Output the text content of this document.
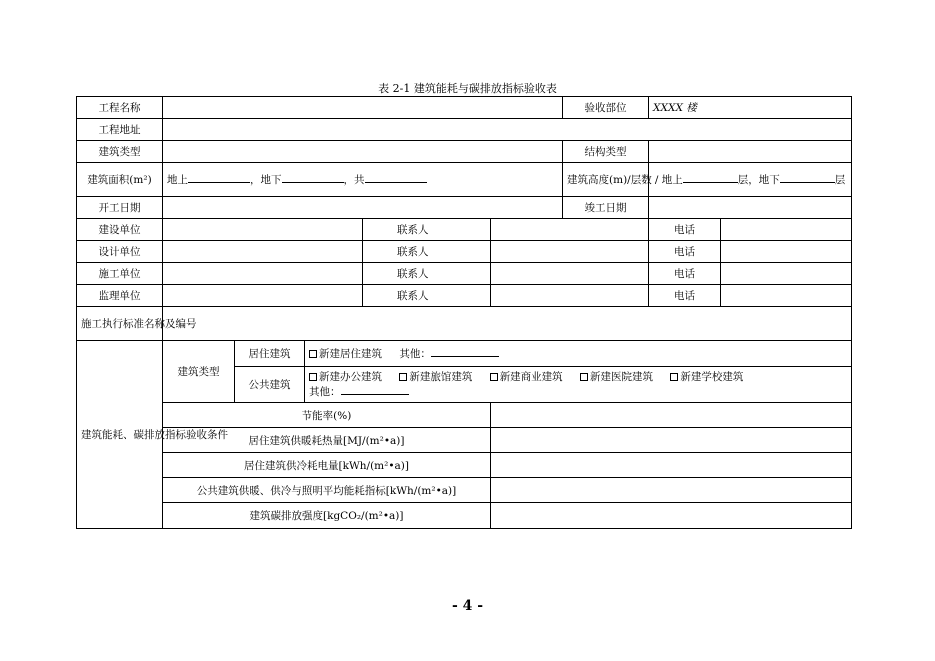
表 2-1 建筑能耗与碳排放指标验收表
工程名称						验收部位	XXXX 楼	
工程地址								
建筑类型						结构类型		
建筑面积(m²)	地上 ，地下 ，共					建筑高度(m)/层数	/ 地上 层，地下 层	
开工日期						竣工日期		
建设单位				联系人			电话	
设计单位				联系人			电话	
施工单位				联系人			电话	
监理单位				联系人			电话	
施工执行标准名称及编号								
建筑能耗、碳排放指标验收条件	建筑类型	居住建筑	新建居住建筑 其他：					
		公共建筑	新建办公建筑 新建旅馆建筑 新建商业建筑 新建医院建筑 新建学校建筑
其他：					
	节能率(%)							
	居住建筑供暖耗热量[MJ/(m²•a)]							
	居住建筑供冷耗电量[kWh/(m²•a)]							
	公共建筑供暖、供冷与照明平均能耗指标[kWh/(m²•a)]							
	建筑碳排放强度[kgCO₂/(m²•a)]							
- 4 -
